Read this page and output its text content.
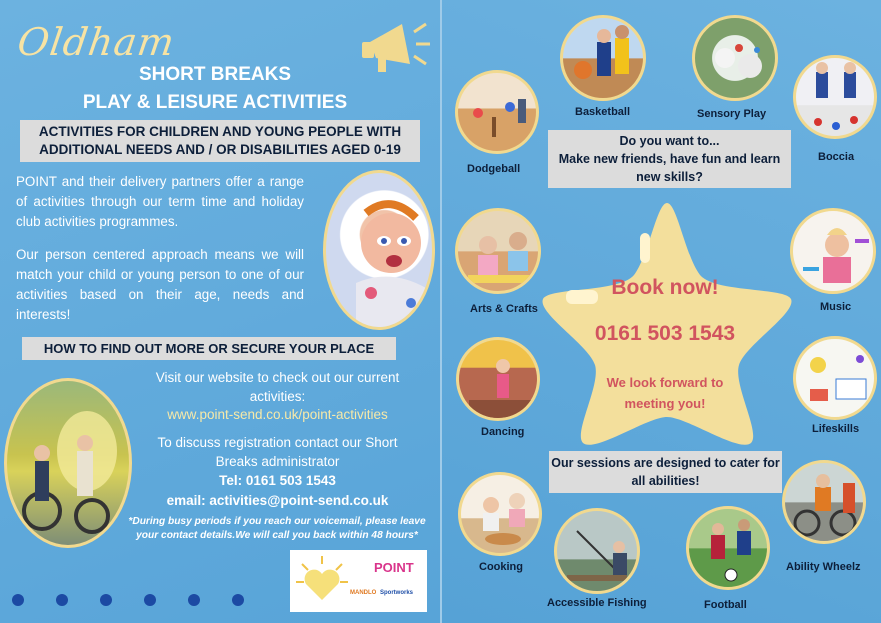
Oldham
SHORT BREAKS
PLAY & LEISURE ACTIVITIES
ACTIVITIES FOR CHILDREN AND YOUNG PEOPLE WITH
ADDITIONAL NEEDS AND / OR DISABILITIES AGED 0-19

POINT and their delivery partners offer a range of activities through our term time and holiday club activities programmes.

Our person centered approach means we will match your child or young person to one of our activities based on their age, needs and interests!

HOW TO FIND OUT MORE OR SECURE YOUR PLACE
Visit our website to check out our current activities:
www.point-send.co.uk/point-activities
To discuss registration contact our Short Breaks administrator
Tel: 0161 503 1543
email: activities@point-send.co.uk
*During busy periods if you reach our voicemail, please leave your contact details.We will call you back within 48 hours*
POINT
MANDLO Sportworks
Dodgeball
Basketball	Sensory Play
Boccia
Arts & Crafts	Music
Dancing	Lifeskills
Cooking
Accessible Fishing	Football
Ability Wheelz
Do you want to...
Make new friends, have fun and learn new skills?
Book now!
0161 503 1543
We look forward to meeting you!
Our sessions are designed to cater for all abilities!
